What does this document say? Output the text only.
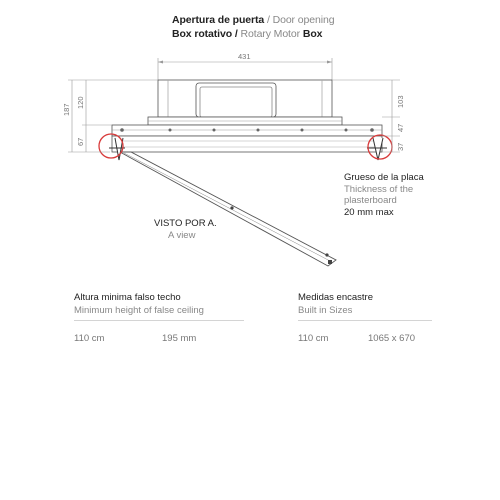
Apertura de puerta / Door opening
Box rotativo / Rotary Motor Box
431
187
120
67
103
47
37
Grueso de la placa
Thickness of the
plasterboard
20 mm max
VISTO POR A.
A view
Altura minima falso techo
Minimum height of false ceiling
110 cm	195 mm
Medidas encastre
Built in Sizes
110 cm	1065 x 670
